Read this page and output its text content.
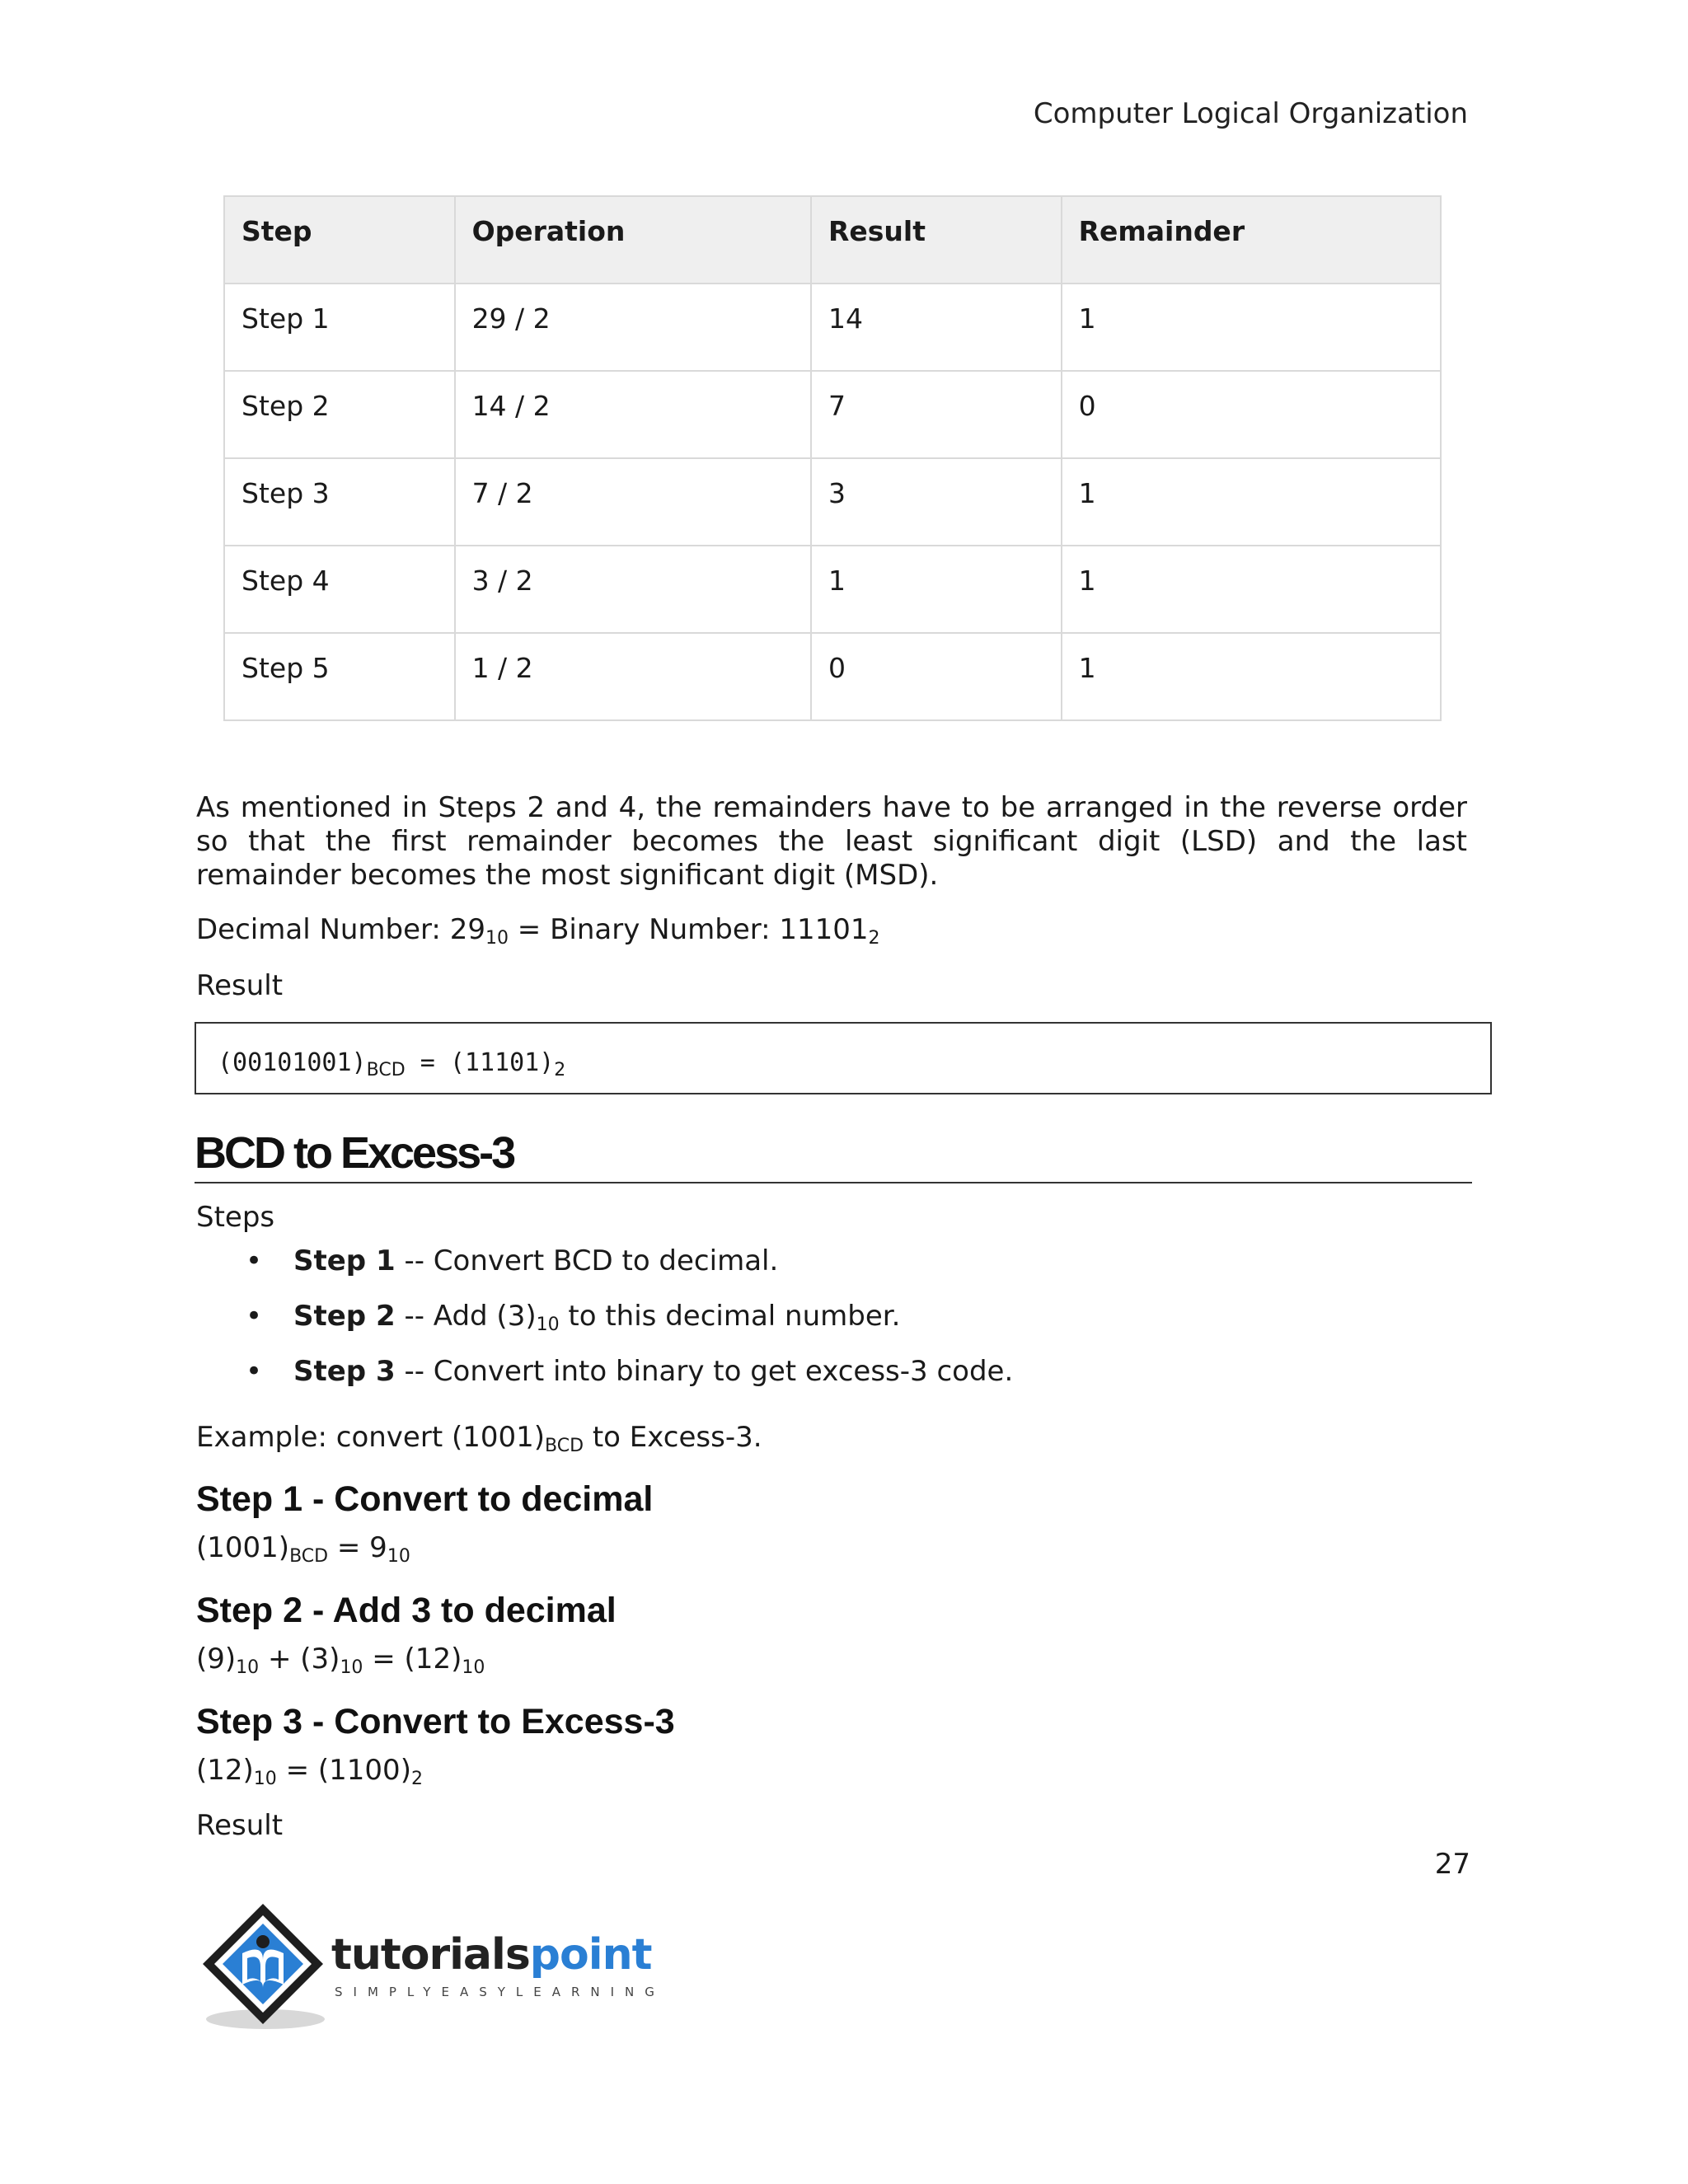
Computer Logical Organization
Step	Operation	Result	Remainder
Step 1	29 / 2	14	1
Step 2	14 / 2	7	0
Step 3	7 / 2	3	1
Step 4	3 / 2	1	1
Step 5	1 / 2	0	1

As mentioned in Steps 2 and 4, the remainders have to be arranged in the reverse order so that the first remainder becomes the least significant digit (LSD) and the last remainder becomes the most significant digit (MSD).

Decimal Number: $29_{10}$ = Binary Number: $11101_2$

Result

$(00101001)_{BCD} = (11101)_2$
BCD to Excess-3

Steps

• Step 1 -- Convert BCD to decimal.
• Step 2 -- Add $(3)_{10}$ to this decimal number.
• Step 3 -- Convert into binary to get excess-3 code.

Example: convert $(1001)_{BCD}$ to Excess-3.

Step 1 - Convert to decimal

$(1001)_{BCD} = 9_{10}$

Step 2 - Add 3 to decimal

$(9)_{10} + (3)_{10} = (12)_{10}$

Step 3 - Convert to Excess-3

$(12)_{10} = (1100)_2$

Result

27
tutorialspoint
SIMPLYEASYLEARNING
